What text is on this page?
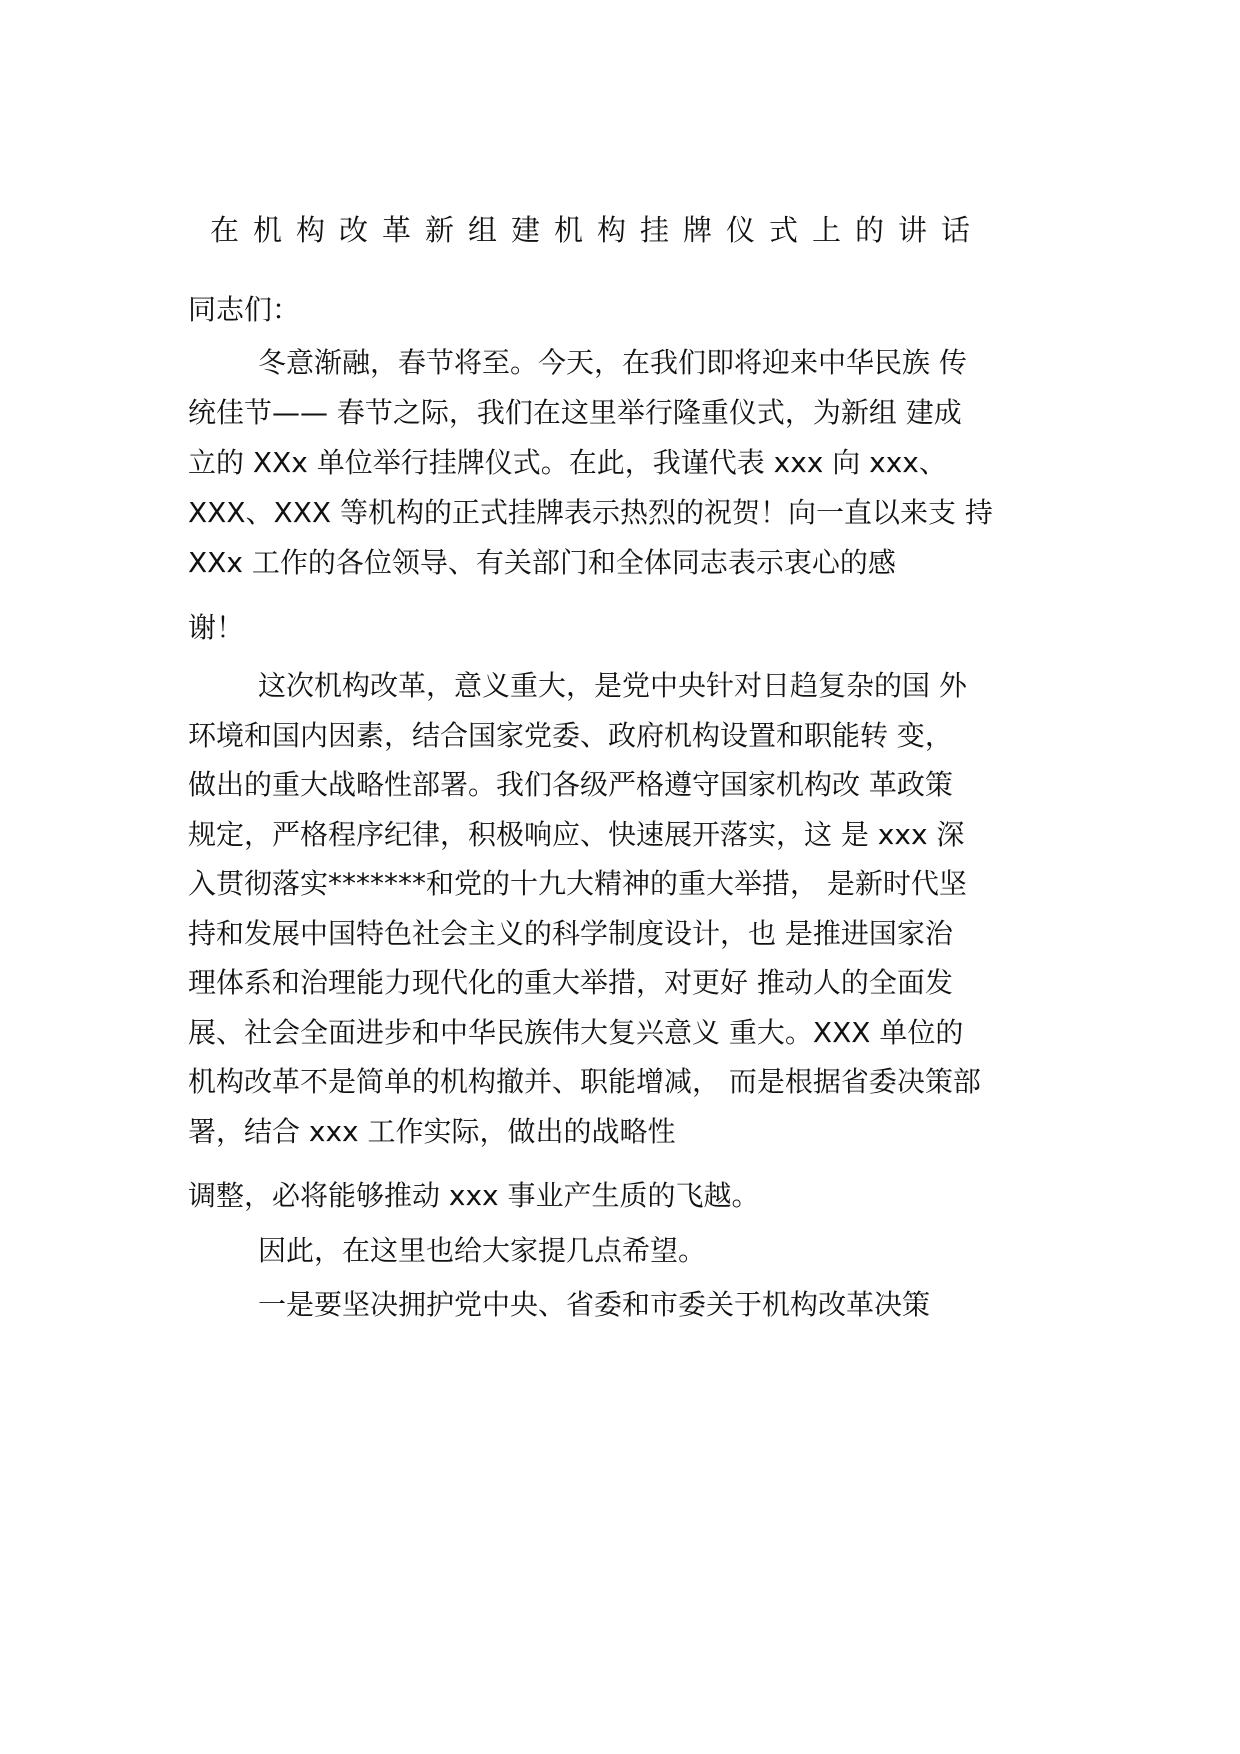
在机构改革新组建机构挂牌仪式上的讲话

同志们：

冬意渐融，春节将至。今天，在我们即将迎来中华民族 传

统佳节—— 春节之际，我们在这里举行隆重仪式，为新组 建成

立的 XXx 单位举行挂牌仪式。在此，我谨代表 xxx 向 xxx、

XXX、XXX 等机构的正式挂牌表示热烈的祝贺！向一直以来支 持

XXx 工作的各位领导、有关部门和全体同志表示衷心的感

谢！

这次机构改革，意义重大，是党中央针对日趋复杂的国 外

环境和国内因素，结合国家党委、政府机构设置和职能转 变，

做出的重大战略性部署。我们各级严格遵守国家机构改 革政策

规定，严格程序纪律，积极响应、快速展开落实，这 是 xxx 深

入贯彻落实*******和党的十九大精神的重大举措， 是新时代坚

持和发展中国特色社会主义的科学制度设计，也 是推进国家治

理体系和治理能力现代化的重大举措，对更好 推动人的全面发

展、社会全面进步和中华民族伟大复兴意义 重大。XXX 单位的

机构改革不是简单的机构撤并、职能增减， 而是根据省委决策部

署，结合 xxx 工作实际，做出的战略性

调整，必将能够推动 xxx 事业产生质的飞越。

因此，在这里也给大家提几点希望。

一是要坚决拥护党中央、省委和市委关于机构改革决策
